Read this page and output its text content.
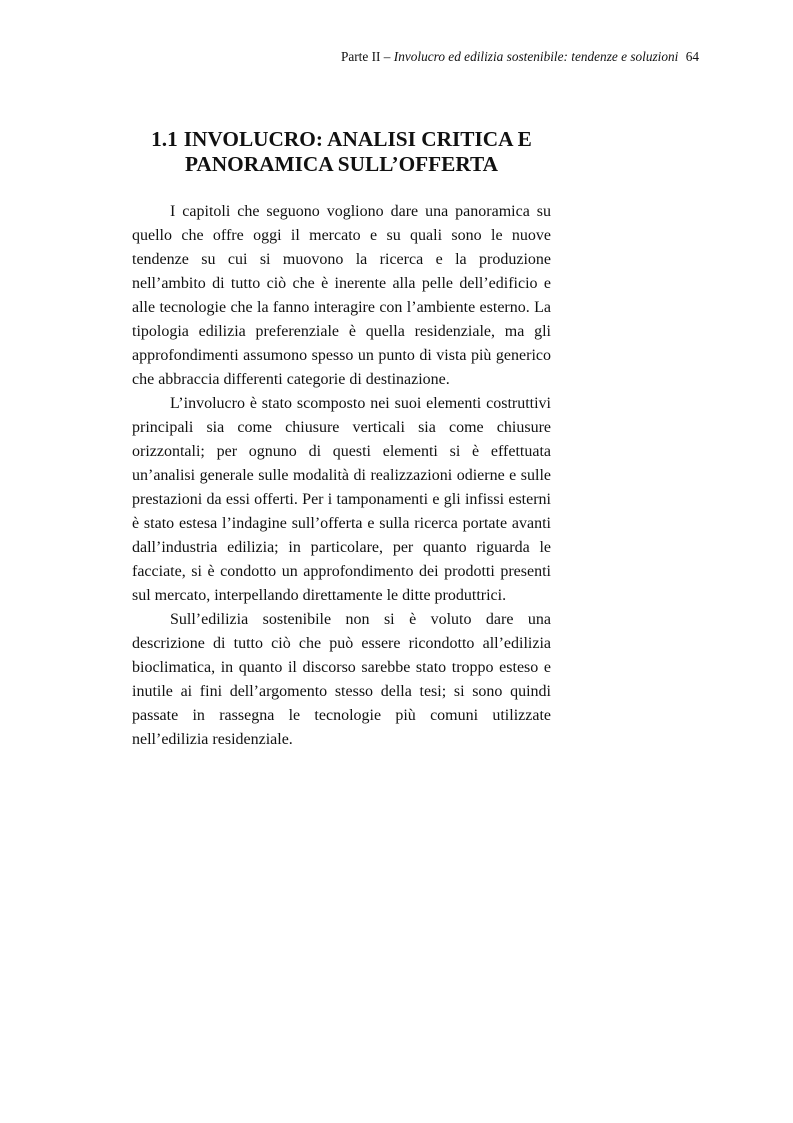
Parte II – Involucro ed edilizia sostenibile: tendenze e soluzioni 64
1.1 INVOLUCRO: ANALISI CRITICA E
PANORAMICA SULL’OFFERTA

I capitoli che seguono vogliono dare una panoramica su quello che offre oggi il mercato e su quali sono le nuove tendenze su cui si muovono la ricerca e la produzione nell’ambito di tutto ciò che è inerente alla pelle dell’edificio e alle tecnologie che la fanno interagire con l’ambiente esterno. La tipologia edilizia preferenziale è quella residenziale, ma gli approfondimenti assumono spesso un punto di vista più generico che abbraccia differenti categorie di destinazione.

L’involucro è stato scomposto nei suoi elementi costruttivi principali sia come chiusure verticali sia come chiusure orizzontali; per ognuno di questi elementi si è effettuata un’analisi generale sulle modalità di realizzazioni odierne e sulle prestazioni da essi offerti. Per i tamponamenti e gli infissi esterni è stato estesa l’indagine sull’offerta e sulla ricerca portate avanti dall’industria edilizia; in particolare, per quanto riguarda le facciate, si è condotto un approfondimento dei prodotti presenti sul mercato, interpellando direttamente le ditte produttrici.

Sull’edilizia sostenibile non si è voluto dare una descrizione di tutto ciò che può essere ricondotto all’edilizia bioclimatica, in quanto il discorso sarebbe stato troppo esteso e inutile ai fini dell’argomento stesso della tesi; si sono quindi passate in rassegna le tecnologie più comuni utilizzate nell’edilizia residenziale.
